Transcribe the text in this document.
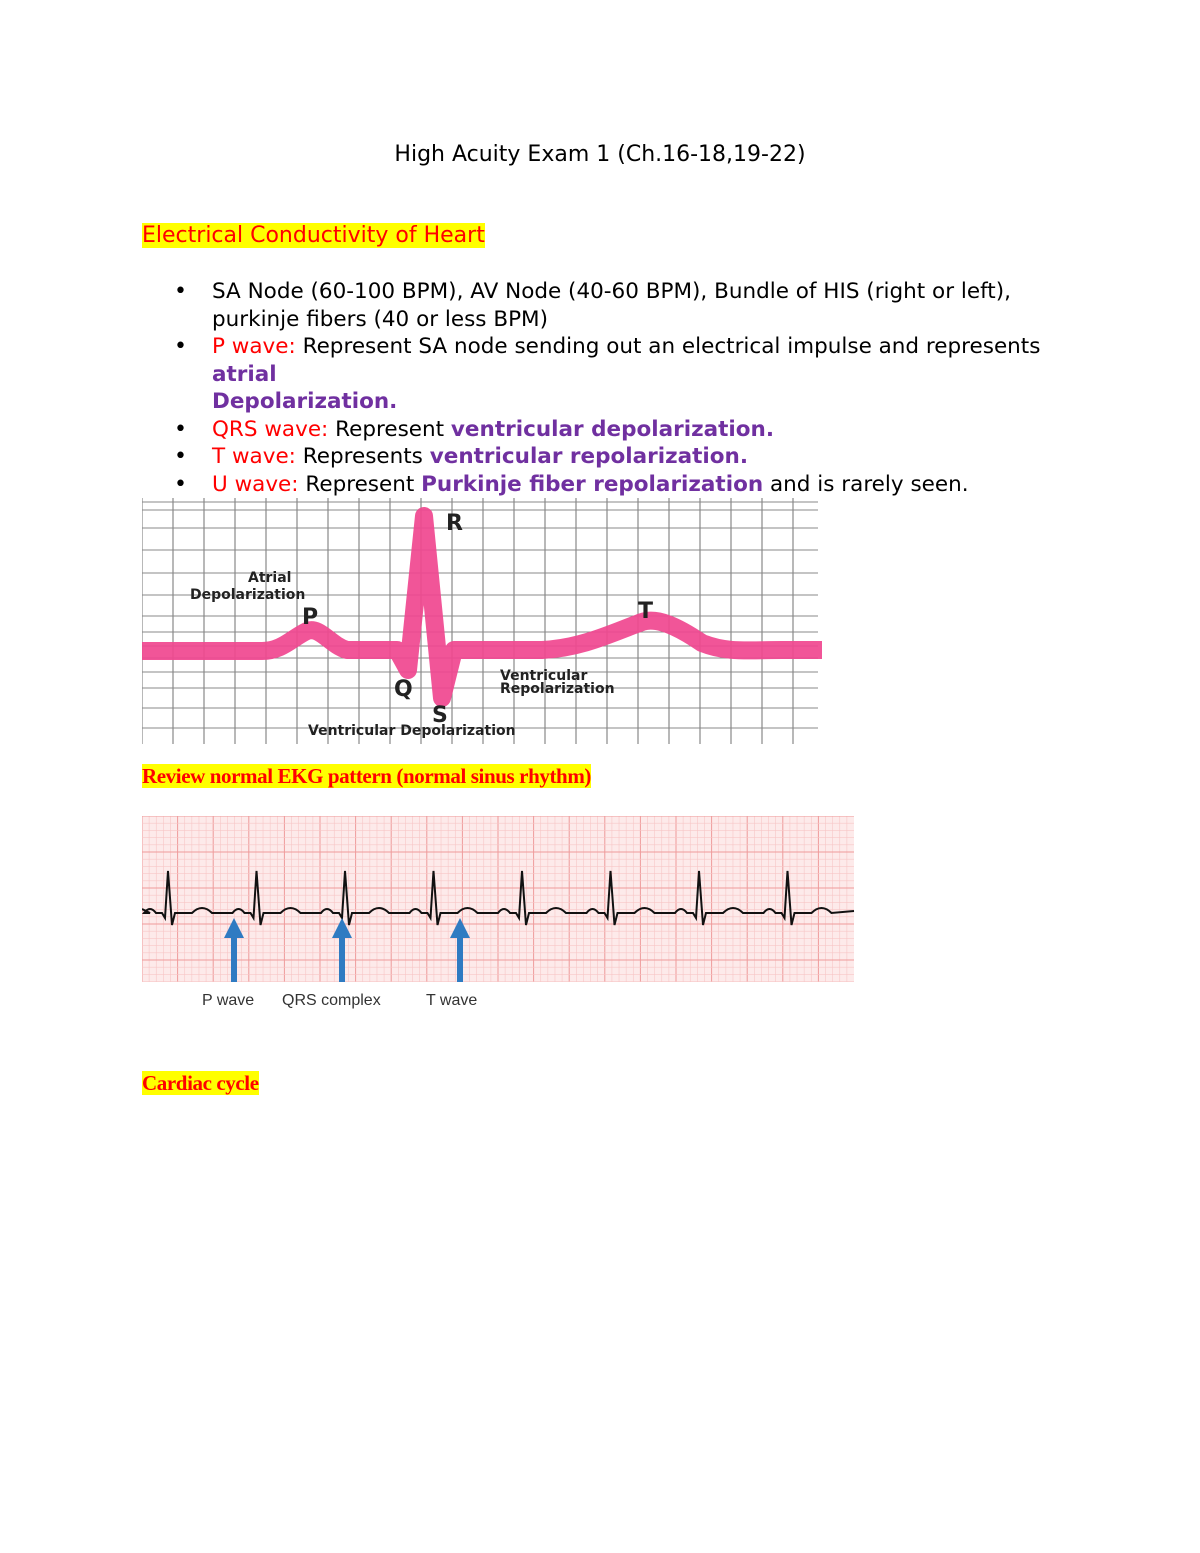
High Acuity Exam 1 (Ch.16-18,19-22)
Electrical Conductivity of Heart
• SA Node (60-100 BPM), AV Node (40-60 BPM), Bundle of HIS (right or left), purkinje fibers (40 or less BPM)
• P wave: Represent SA node sending out an electrical impulse and represents atrial
Depolarization.
• QRS wave: Represent ventricular depolarization.
• T wave: Represents ventricular repolarization.
• U wave: Represent Purkinje fiber repolarization and is rarely seen.
R
P	T
Q
S
Atrial
Depolarization
Ventricular
Repolarization
Ventricular Depolarization
Review normal EKG pattern (normal sinus rhythm)
P wave QRS complex	T wave
Cardiac cycle
